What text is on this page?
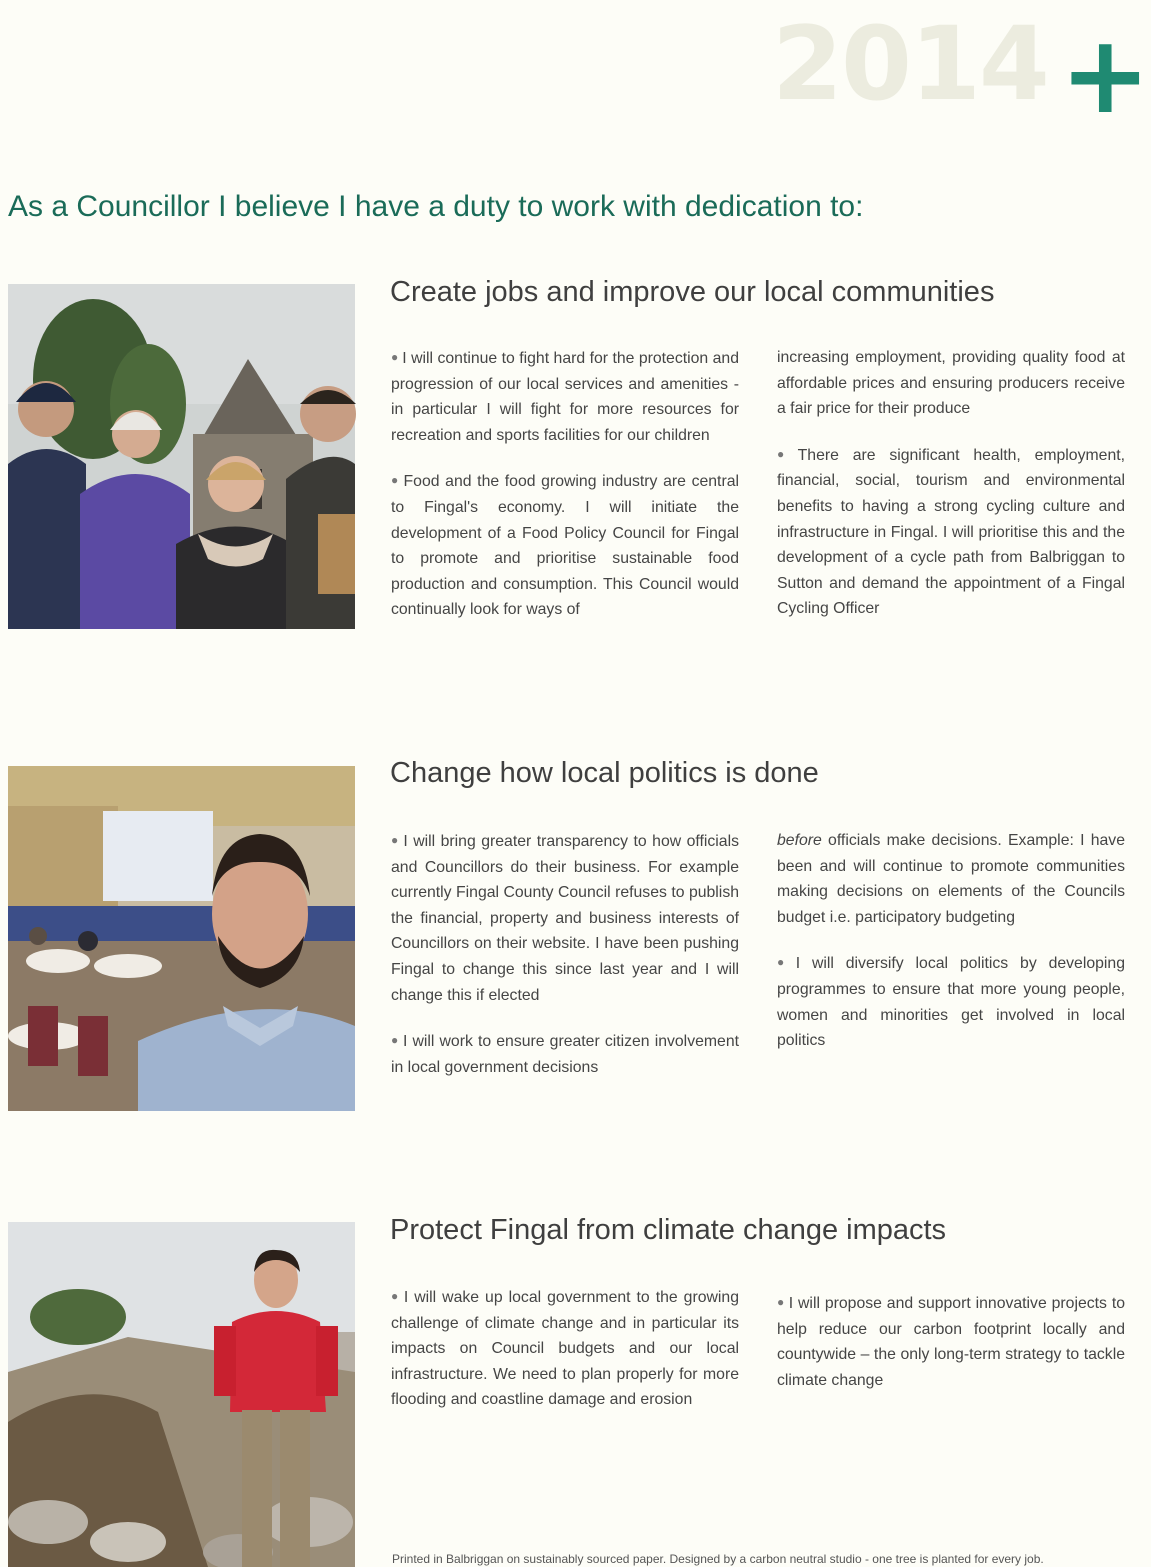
2014 +
As a Councillor I believe I have a duty to work with dedication to:
Create jobs and improve our local communities

● I will continue to fight hard for the protection and progression of our local services and amenities - in particular I will fight for more resources for recreation and sports facilities for our children

● Food and the food growing industry are central to Fingal's economy. I will initiate the development of a Food Policy Council for Fingal to promote and prioritise sustainable food production and consumption. This Council would continually look for ways of

increasing employment, providing quality food at affordable prices and ensuring producers receive a fair price for their produce

● There are significant health, employment, financial, social, tourism and environmental benefits to having a strong cycling culture and infrastructure in Fingal. I will prioritise this and the development of a cycle path from Balbriggan to Sutton and demand the appointment of a Fingal Cycling Officer

Change how local politics is done

● I will bring greater transparency to how officials and Councillors do their business. For example currently Fingal County Council refuses to publish the financial, property and business interests of Councillors on their website. I have been pushing Fingal to change this since last year and I will change this if elected

● I will work to ensure greater citizen involvement in local government decisions

before officials make decisions. Example: I have been and will continue to promote communities making decisions on elements of the Councils budget i.e. participatory budgeting

● I will diversify local politics by developing programmes to ensure that more young people, women and minorities get involved in local politics

Protect Fingal from climate change impacts

● I will wake up local government to the growing challenge of climate change and in particular its impacts on Council budgets and our local infrastructure. We need to plan properly for more flooding and coastline damage and erosion

● I will propose and support innovative projects to help reduce our carbon footprint locally and countywide – the only long-term strategy to tackle climate change

Printed in Balbriggan on sustainably sourced paper. Designed by a carbon neutral studio - one tree is planted for every job.
